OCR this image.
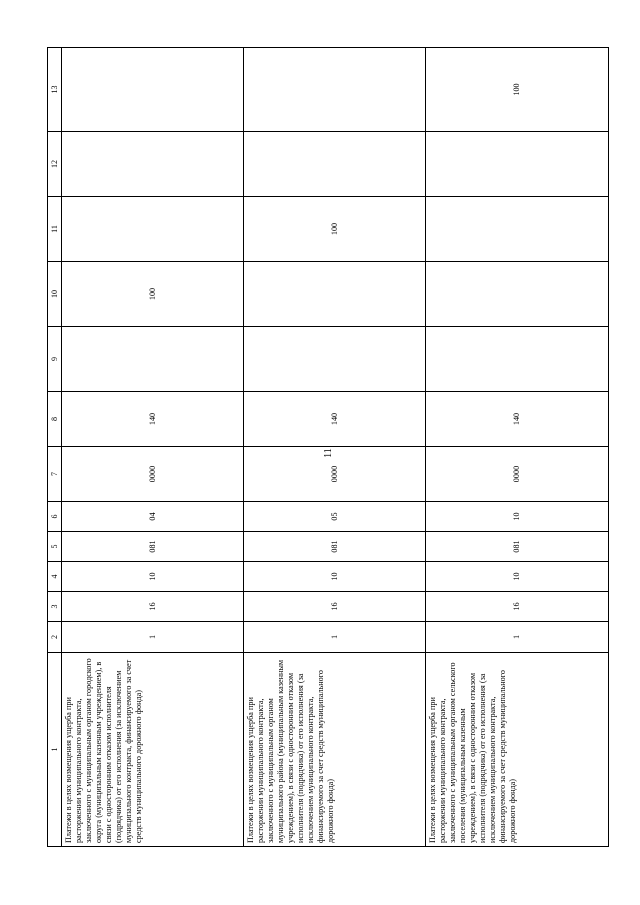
11
1	2	3	4	5	6	7	8	9	10	11	12	13
Платежи в целях возмещения ущерба при расторжении муниципального контракта, заключенного с муниципальным органом городского округа (муниципальным казенным учреждением), в связи с односторонним отказом исполнителя (подрядчика) от его исполнения (за исключением муниципального контракта, финансируемого за счет средств муниципального дорожного фонда)	1	16	10	081	04	0000	140		100			
Платежи в целях возмещения ущерба при расторжении муниципального контракта, заключенного с муниципальным органом муниципального района (муниципальным казенным учреждением), в связи с односторонним отказом исполнителя (подрядчика) от его исполнения (за исключением муниципального контракта, финансируемого за счет средств муниципального дорожного фонда)	1	16	10	081	05	0000	140			100		
Платежи в целях возмещения ущерба при расторжении муниципального контракта, заключенного с муниципальным органом сельского поселения (муниципальным казенным учреждением), в связи с односторонним отказом исполнителя (подрядчика) от его исполнения (за исключением муниципального контракта, финансируемого за счет средств муниципального дорожного фонда)	1	16	10	081	10	0000	140					100
